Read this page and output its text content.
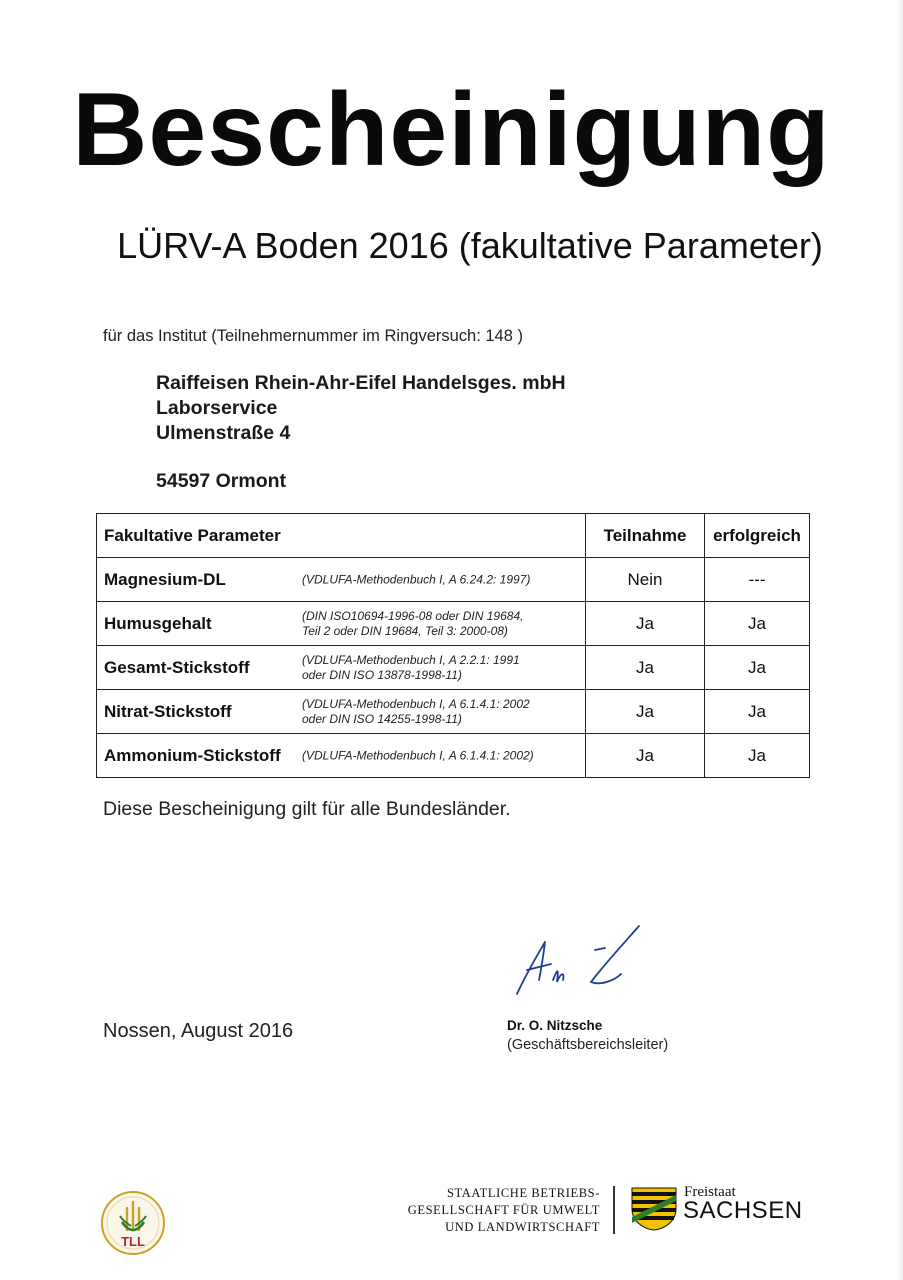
Bescheinigung
LÜRV-A Boden 2016 (fakultative Parameter)
für das Institut (Teilnehmernummer im Ringversuch: 148 )
Raiffeisen Rhein-Ahr-Eifel Handelsges. mbH
Laborservice
Ulmenstraße 4
54597 Ormont
Fakultative Parameter	Teilnahme	erfolgreich

Magnesium-DL (VDLUFA-Methodenbuch I, A 6.24.2: 1997)	Nein	---

Humusgehalt (DIN ISO10694-1996-08 oder DIN 19684,
Teil 2 oder DIN 19684, Teil 3: 2000-08)	Ja	Ja

Gesamt-Stickstoff (VDLUFA-Methodenbuch I, A 2.2.1: 1991
oder DIN ISO 13878-1998-11)	Ja	Ja

Nitrat-Stickstoff (VDLUFA-Methodenbuch I, A 6.1.4.1: 2002
oder DIN ISO 14255-1998-11)	Ja	Ja

Ammonium-Stickstoff (VDLUFA-Methodenbuch I, A 6.1.4.1: 2002)	Ja	Ja
Diese Bescheinigung gilt für alle Bundesländer.
Nossen, August 2016	Dr. O. Nitzsche
(Geschäftsbereichsleiter)
TLL
STAATLICHE BETRIEBS-
GESELLSCHAFT FÜR UMWELT
UND LANDWIRTSCHAFT
Freistaat
SACHSEN
